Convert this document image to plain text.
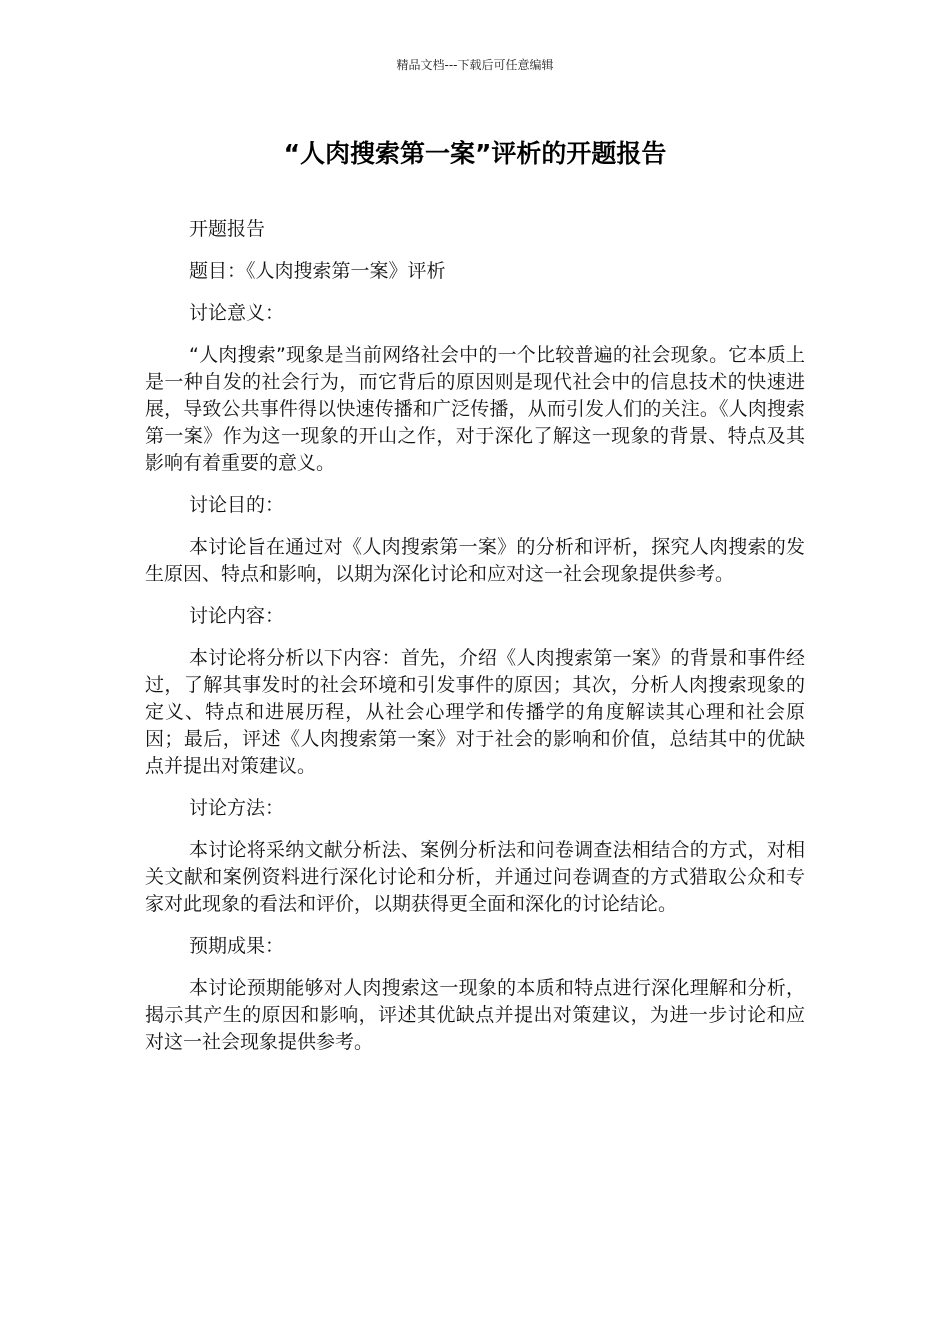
精品文档---下载后可任意编辑
“人肉搜索第一案”评析的开题报告

开题报告

题目：《人肉搜索第一案》评析

讨论意义：

“人肉搜索”现象是当前网络社会中的一个比较普遍的社会现象。它本质上是一种自发的社会行为，而它背后的原因则是现代社会中的信息技术的快速进展，导致公共事件得以快速传播和广泛传播，从而引发人们的关注。《人肉搜索第一案》作为这一现象的开山之作，对于深化了解这一现象的背景、特点及其影响有着重要的意义。

讨论目的：

本讨论旨在通过对《人肉搜索第一案》的分析和评析，探究人肉搜索的发生原因、特点和影响，以期为深化讨论和应对这一社会现象提供参考。

讨论内容：

本讨论将分析以下内容：首先，介绍《人肉搜索第一案》的背景和事件经过，了解其事发时的社会环境和引发事件的原因；其次，分析人肉搜索现象的定义、特点和进展历程，从社会心理学和传播学的角度解读其心理和社会原因；最后，评述《人肉搜索第一案》对于社会的影响和价值，总结其中的优缺点并提出对策建议。

讨论方法：

本讨论将采纳文献分析法、案例分析法和问卷调查法相结合的方式，对相关文献和案例资料进行深化讨论和分析，并通过问卷调查的方式猎取公众和专家对此现象的看法和评价，以期获得更全面和深化的讨论结论。

预期成果：

本讨论预期能够对人肉搜索这一现象的本质和特点进行深化理解和分析，揭示其产生的原因和影响，评述其优缺点并提出对策建议，为进一步讨论和应对这一社会现象提供参考。
